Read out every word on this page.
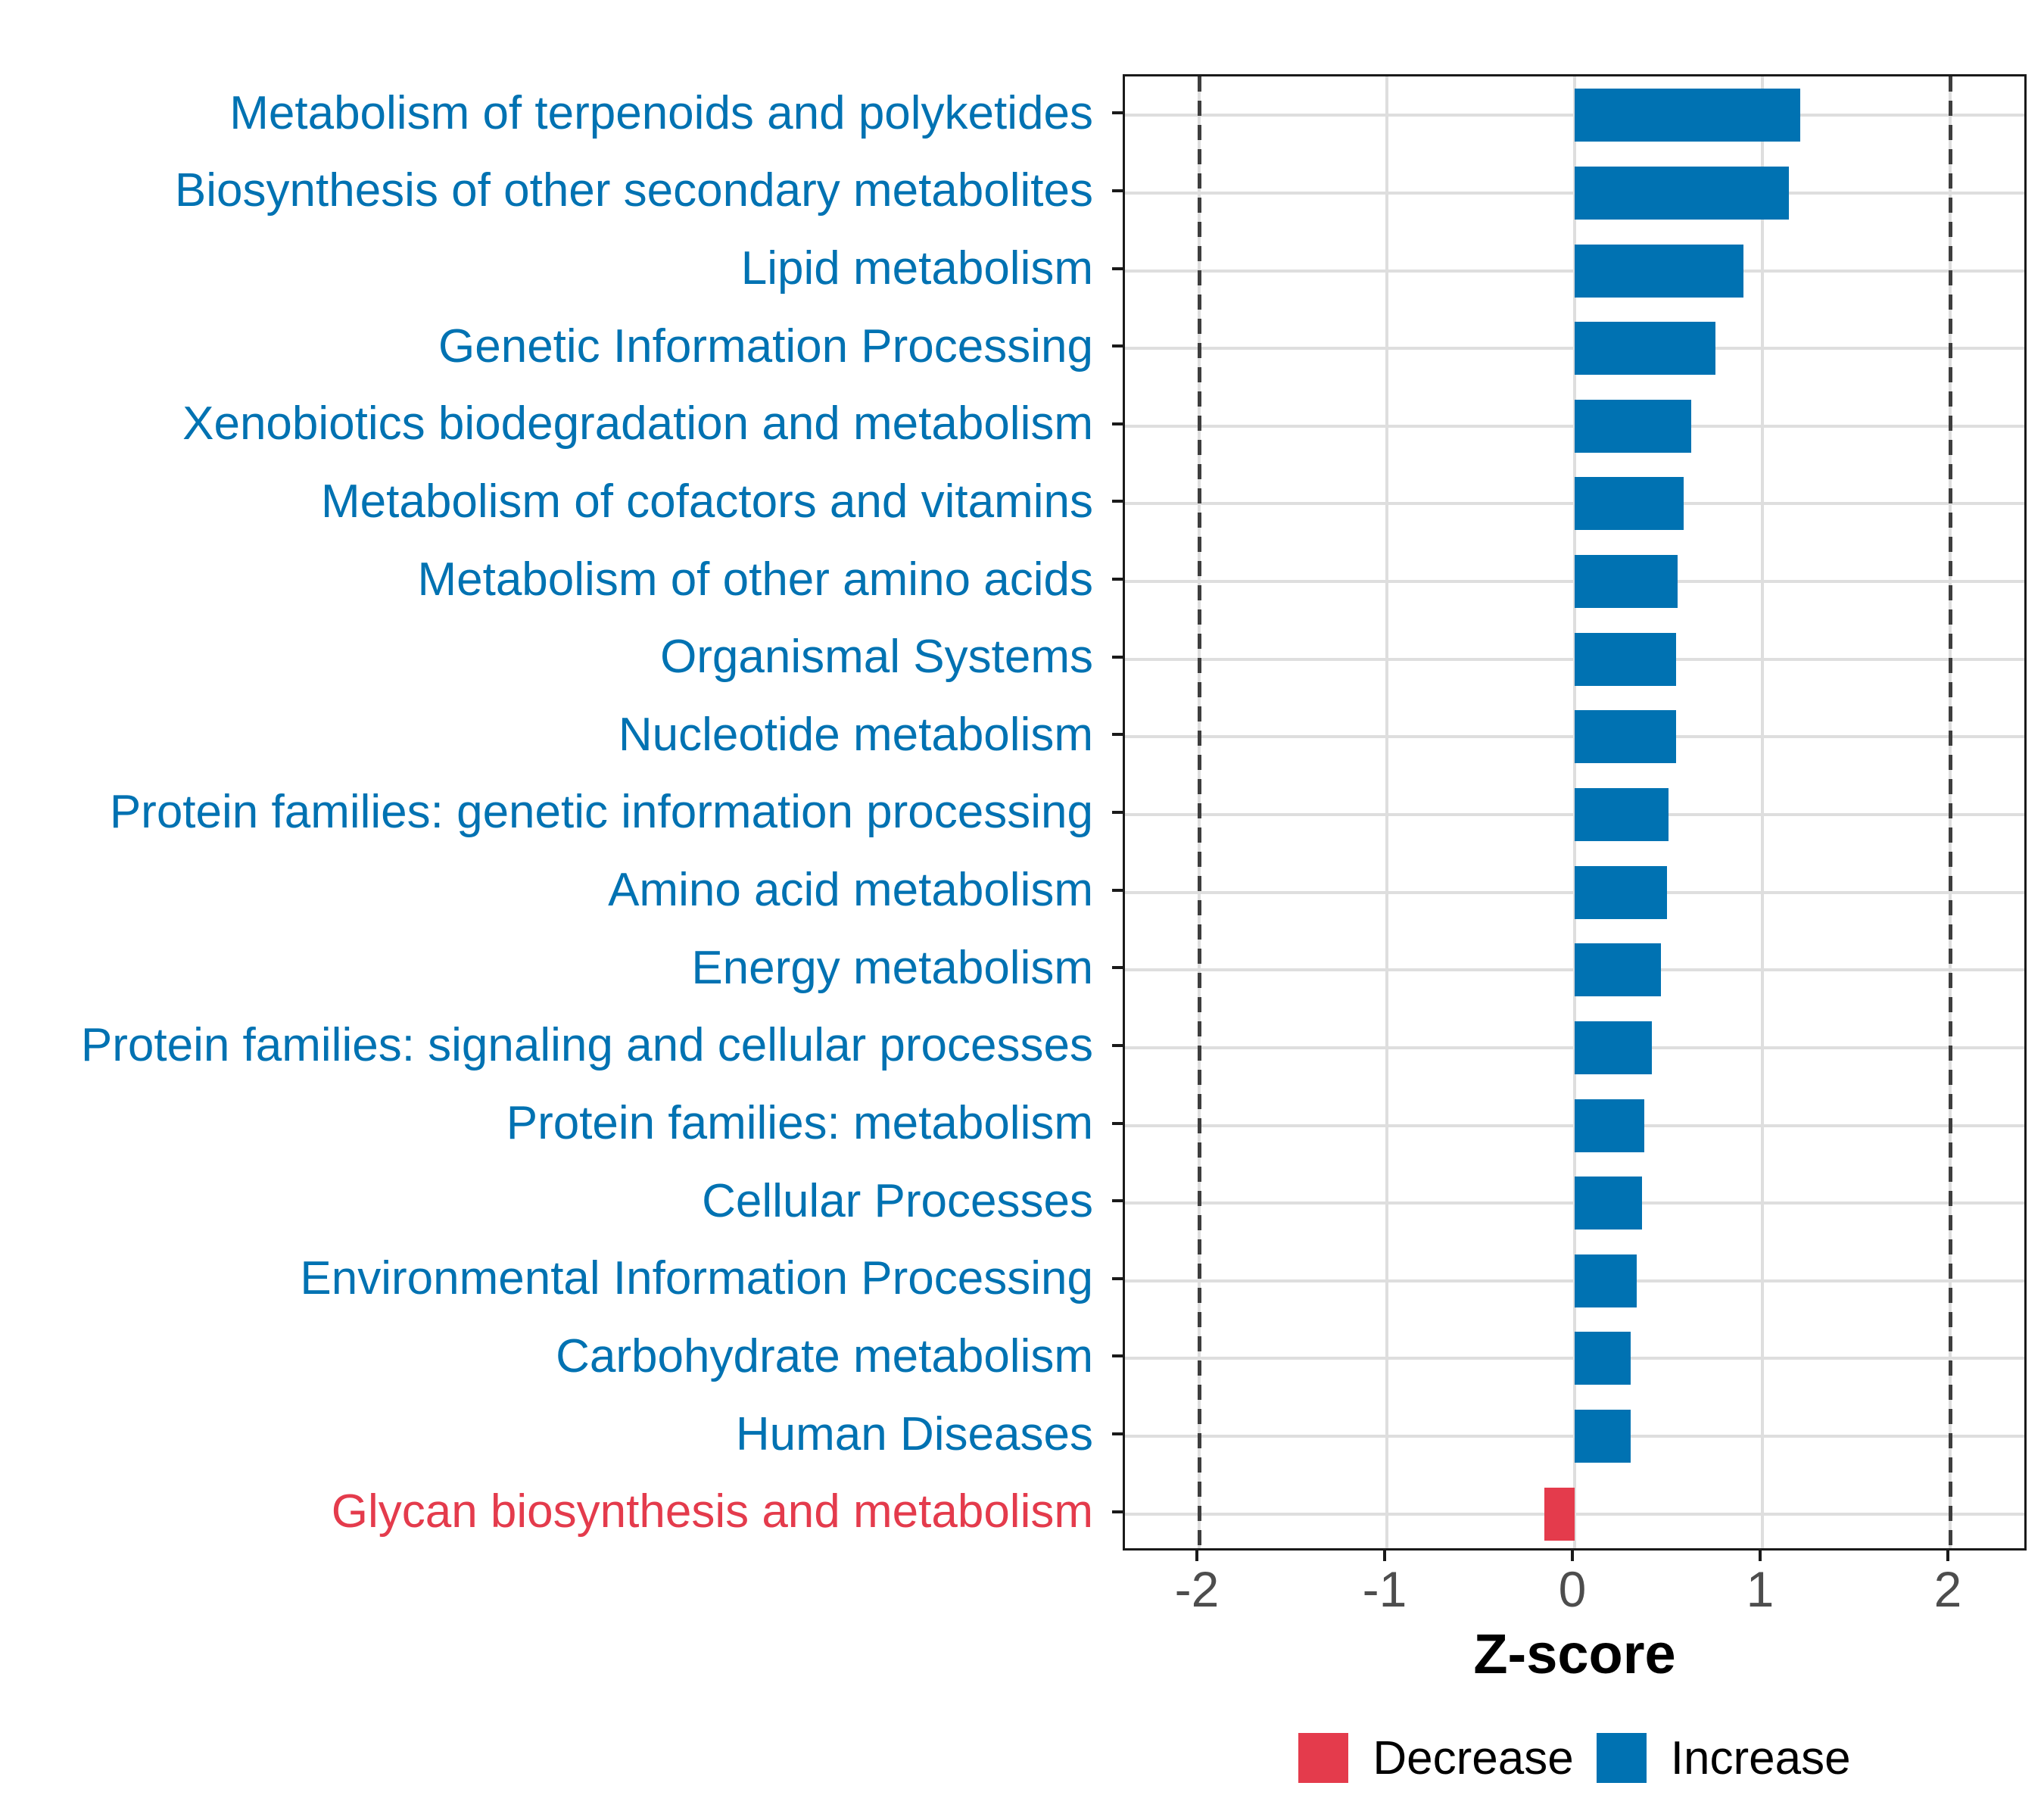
Z-score
Decrease Increase
-2	-1	0	1	2
Metabolism of terpenoids and polyketides
Biosynthesis of other secondary metabolites
Lipid metabolism
Genetic Information Processing
Xenobiotics biodegradation and metabolism
Metabolism of cofactors and vitamins
Metabolism of other amino acids
Organismal Systems
Nucleotide metabolism
Protein families: genetic information processing
Amino acid metabolism
Energy metabolism
Protein families: signaling and cellular processes
Protein families: metabolism
Cellular Processes
Environmental Information Processing
Carbohydrate metabolism
Human Diseases
Glycan biosynthesis and metabolism
